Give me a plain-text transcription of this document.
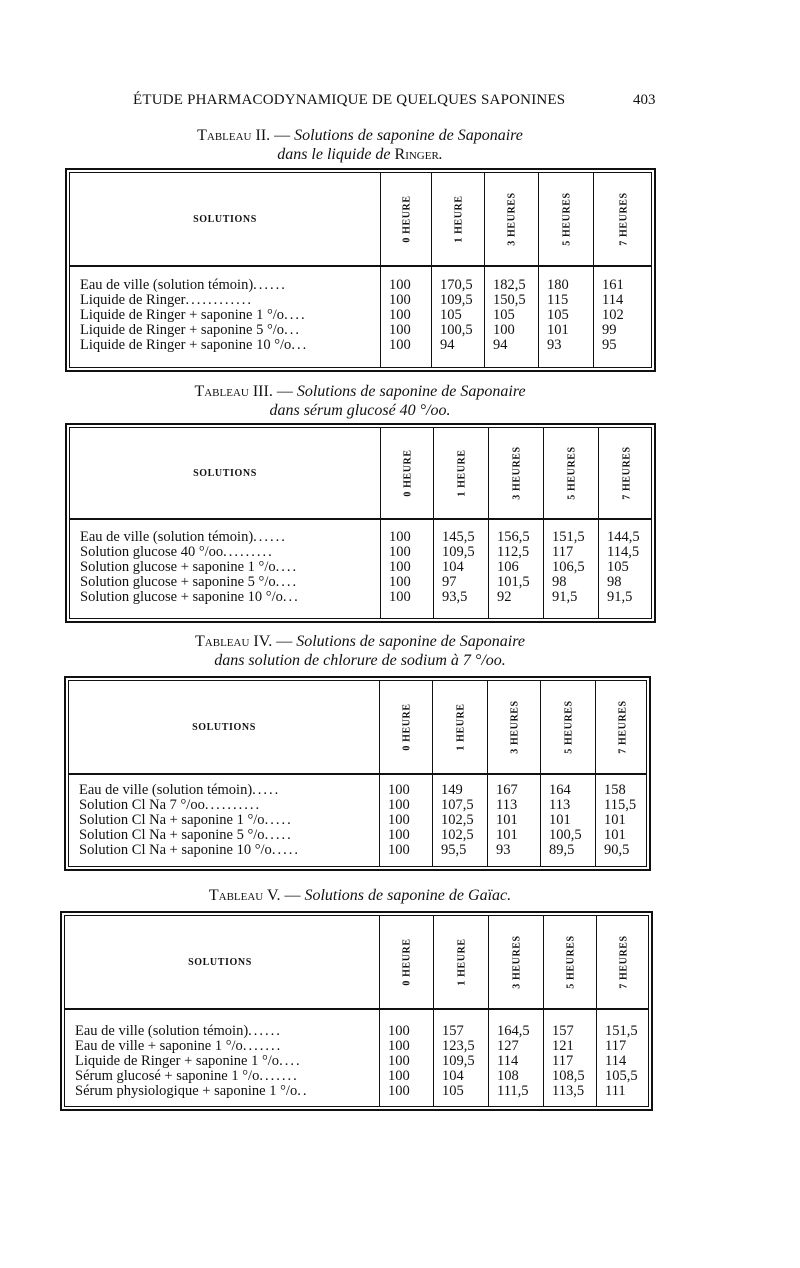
ÉTUDE PHARMACODYNAMIQUE DE QUELQUES SAPONINES	403
Tableau II. — Solutions de saponine de Saponaire
dans le liquide de Ringer.
SOLUTIONS	0 HEURE	1 HEURE	3 HEURES	5 HEURES	7 HEURES
Eau de ville (solution témoin)......	100 170,5 182,5 180 161
Liquide de Ringer............	100 109,5 150,5 115 114
Liquide de Ringer + saponine 1 °/o....	100 105 105 105 102
Liquide de Ringer + saponine 5 °/o...	100 100,5 100 101 99
Liquide de Ringer + saponine 10 °/o...	100 94	94	93	95
Tableau III. — Solutions de saponine de Saponaire
dans sérum glucosé 40 °/oo.
SOLUTIONS	0 HEURE	1 HEURE	3 HEURES	5 HEURES	7 HEURES
Eau de ville (solution témoin)......	100 145,5 156,5 151,5 144,5
Solution glucose 40 °/oo.........	100 109,5 112,5 117 114,5
Solution glucose + saponine 1 °/o....	100 104 106 106,5 105
Solution glucose + saponine 5 °/o....	100 97	101,5 98	98
Solution glucose + saponine 10 °/o...	100 93,5 92	91,5 91,5
Tableau IV. — Solutions de saponine de Saponaire
dans solution de chlorure de sodium à 7 °/oo.
SOLUTIONS	0 HEURE	1 HEURE	3 HEURES	5 HEURES	7 HEURES
Eau de ville (solution témoin).....	100 149 167 164 158
Solution Cl Na 7 °/oo..........	100 107,5 113 113 115,5
Solution Cl Na + saponine 1 °/o.....	100 102,5 101 101 101
Solution Cl Na + saponine 5 °/o.....	100 102,5 101 100,5 101
Solution Cl Na + saponine 10 °/o.....	100 95,5 93	89,5 90,5
Tableau V. — Solutions de saponine de Gaïac.
SOLUTIONS	0 HEURE	1 HEURE	3 HEURES	5 HEURES	7 HEURES
Eau de ville (solution témoin)......	100 157 164,5 157 151,5
Eau de ville + saponine 1 °/o.......	100 123,5 127 121 117
Liquide de Ringer + saponine 1 °/o....	100 109,5 114 117 114
Sérum glucosé + saponine 1 °/o.......	100 104 108 108,5 105,5
Sérum physiologique + saponine 1 °/o..	100 105 111,5 113,5 111
